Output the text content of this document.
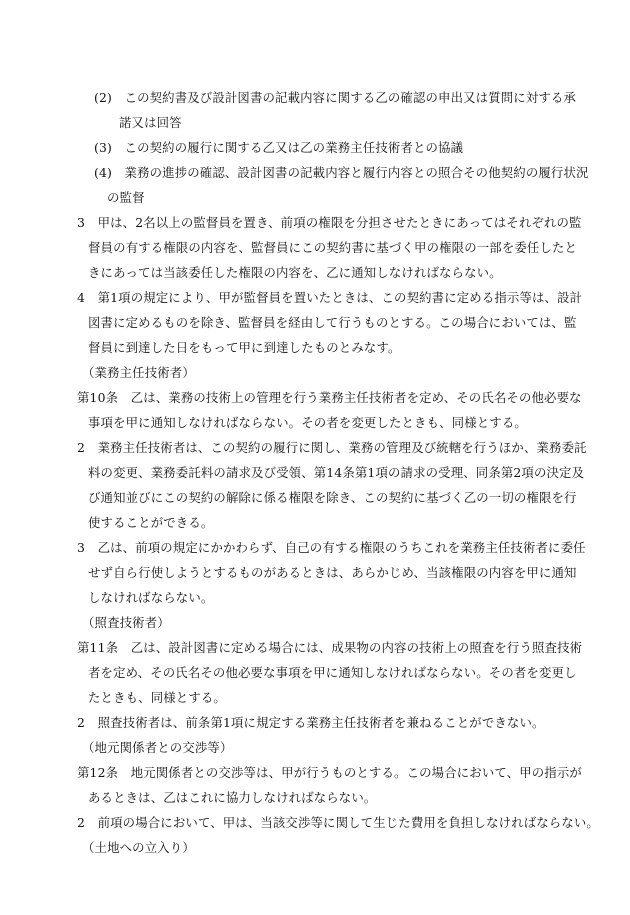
(2)　この契約書及び設計図書の記載内容に関する乙の確認の申出又は質問に対する承
諾又は回答
(3)　この契約の履行に関する乙又は乙の業務主任技術者との協議
(4)　業務の進捗の確認、設計図書の記載内容と履行内容との照合その他契約の履行状況
の監督
3　甲は、2名以上の監督員を置き、前項の権限を分担させたときにあってはそれぞれの監
督員の有する権限の内容を、監督員にこの契約書に基づく甲の権限の一部を委任したと
きにあっては当該委任した権限の内容を、乙に通知しなければならない。
4　第1項の規定により、甲が監督員を置いたときは、この契約書に定める指示等は、設計
図書に定めるものを除き、監督員を経由して行うものとする。この場合においては、監
督員に到達した日をもって甲に到達したものとみなす。
（業務主任技術者）
第10条　乙は、業務の技術上の管理を行う業務主任技術者を定め、その氏名その他必要な
事項を甲に通知しなければならない。その者を変更したときも、同様とする。
2　業務主任技術者は、この契約の履行に関し、業務の管理及び統轄を行うほか、業務委託
料の変更、業務委託料の請求及び受領、第14条第1項の請求の受理、同条第2項の決定及
び通知並びにこの契約の解除に係る権限を除き、この契約に基づく乙の一切の権限を行
使することができる。
3　乙は、前項の規定にかかわらず、自己の有する権限のうちこれを業務主任技術者に委任
せず自ら行使しようとするものがあるときは、あらかじめ、当該権限の内容を甲に通知
しなければならない。
（照査技術者）
第11条　乙は、設計図書に定める場合には、成果物の内容の技術上の照査を行う照査技術
者を定め、その氏名その他必要な事項を甲に通知しなければならない。その者を変更し
たときも、同様とする。
2　照査技術者は、前条第1項に規定する業務主任技術者を兼ねることができない。
（地元関係者との交渉等）
第12条　地元関係者との交渉等は、甲が行うものとする。この場合において、甲の指示が
あるときは、乙はこれに協力しなければならない。
2　前項の場合において、甲は、当該交渉等に関して生じた費用を負担しなければならない。
（土地への立入り）
